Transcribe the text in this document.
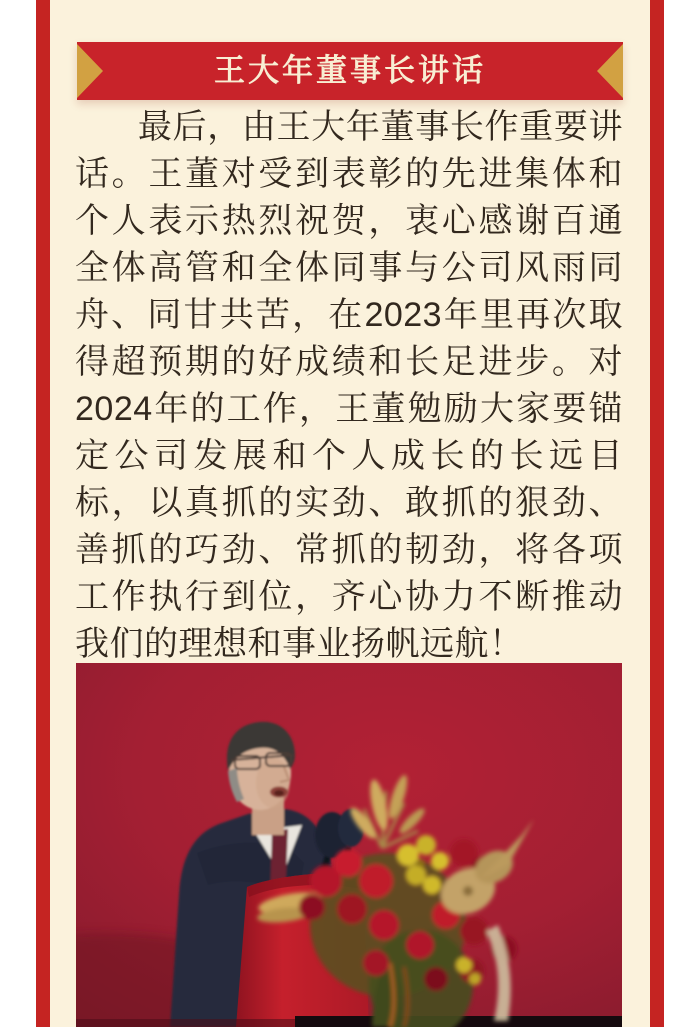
王大年董事长讲话

最后，由王大年董事长作重要讲话。王董对受到表彰的先进集体和个人表示热烈祝贺，衷心感谢百通全体高管和全体同事与公司风雨同舟、同甘共苦，在2023年里再次取得超预期的好成绩和长足进步。对2024年的工作，王董勉励大家要锚定公司发展和个人成长的长远目标，以真抓的实劲、敢抓的狠劲、善抓的巧劲、常抓的韧劲，将各项工作执行到位，齐心协力不断推动我们的理想和事业扬帆远航！
